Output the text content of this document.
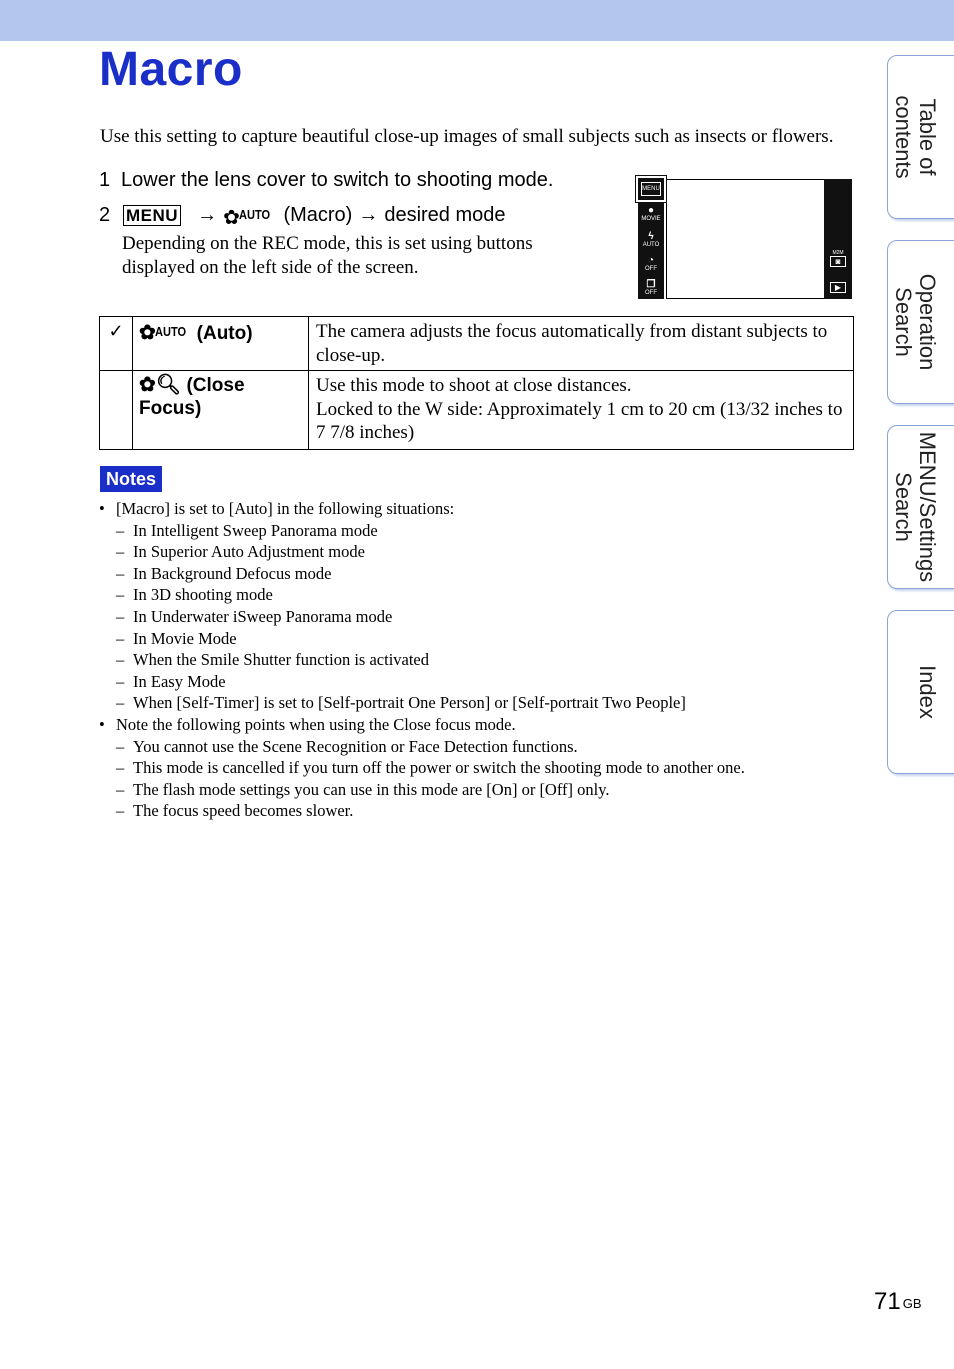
Macro
Use this setting to capture beautiful close-up images of small subjects such as insects or flowers.
1 Lower the lens cover to switch to shooting mode.
2 MENU → ✿ AUTO (Macro) → desired mode
Depending on the REC mode, this is set using buttons displayed on the left side of the screen.
MENU
●
MOVIE
ϟ
AUTO
◔
OFF
❐
OFF
M2M
◙
▶
✓	✿ AUTO (Auto)	The camera adjusts the focus automatically from distant subjects to close-up.
	✿🔍︎ (Close Focus)	Use this mode to shoot at close distances.
Locked to the W side: Approximately 1 cm to 20 cm (13/32 inches to 7 7/8 inches)
Notes
• [Macro] is set to [Auto] in the following situations:
– In Intelligent Sweep Panorama mode
– In Superior Auto Adjustment mode
– In Background Defocus mode
– In 3D shooting mode
– In Underwater iSweep Panorama mode
– In Movie Mode
– When the Smile Shutter function is activated
– In Easy Mode
– When [Self-Timer] is set to [Self-portrait One Person] or [Self-portrait Two People]
• Note the following points when using the Close focus mode.
– You cannot use the Scene Recognition or Face Detection functions.
– This mode is cancelled if you turn off the power or switch the shooting mode to another one.
– The flash mode settings you can use in this mode are [On] or [Off] only.
– The focus speed becomes slower.
Table of contents
Operation Search
MENU/Settings Search
Index
71 $^{GB}$
